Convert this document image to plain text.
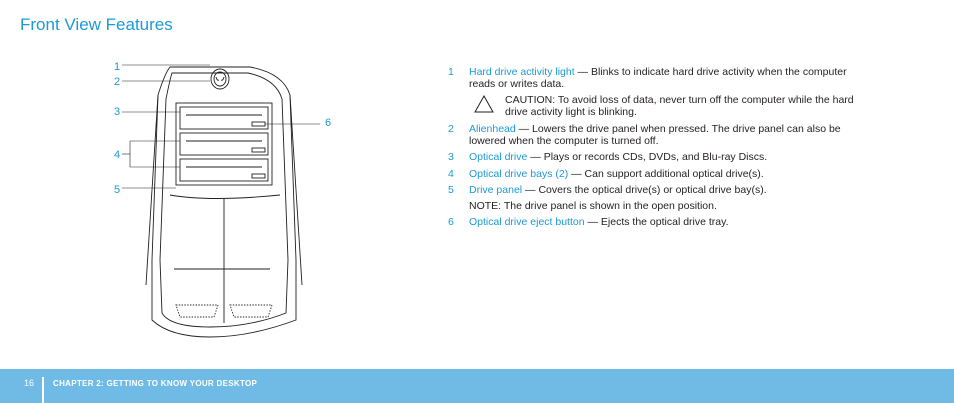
Front View Features
1
2
3
4
5
6
1 Hard drive activity light — Blinks to indicate hard drive activity when the computer reads or writes data.
CAUTION: To avoid loss of data, never turn off the computer while the hard drive activity light is blinking.
2 Alienhead — Lowers the drive panel when pressed. The drive panel can also be lowered when the computer is turned off.
3 Optical drive — Plays or records CDs, DVDs, and Blu-ray Discs.
4 Optical drive bays (2) — Can support additional optical drive(s).
5 Drive panel — Covers the optical drive(s) or optical drive bay(s).
NOTE: The drive panel is shown in the open position.
6 Optical drive eject button — Ejects the optical drive tray.
16 CHAPTER 2: GETTING TO KNOW YOUR DESKTOP
